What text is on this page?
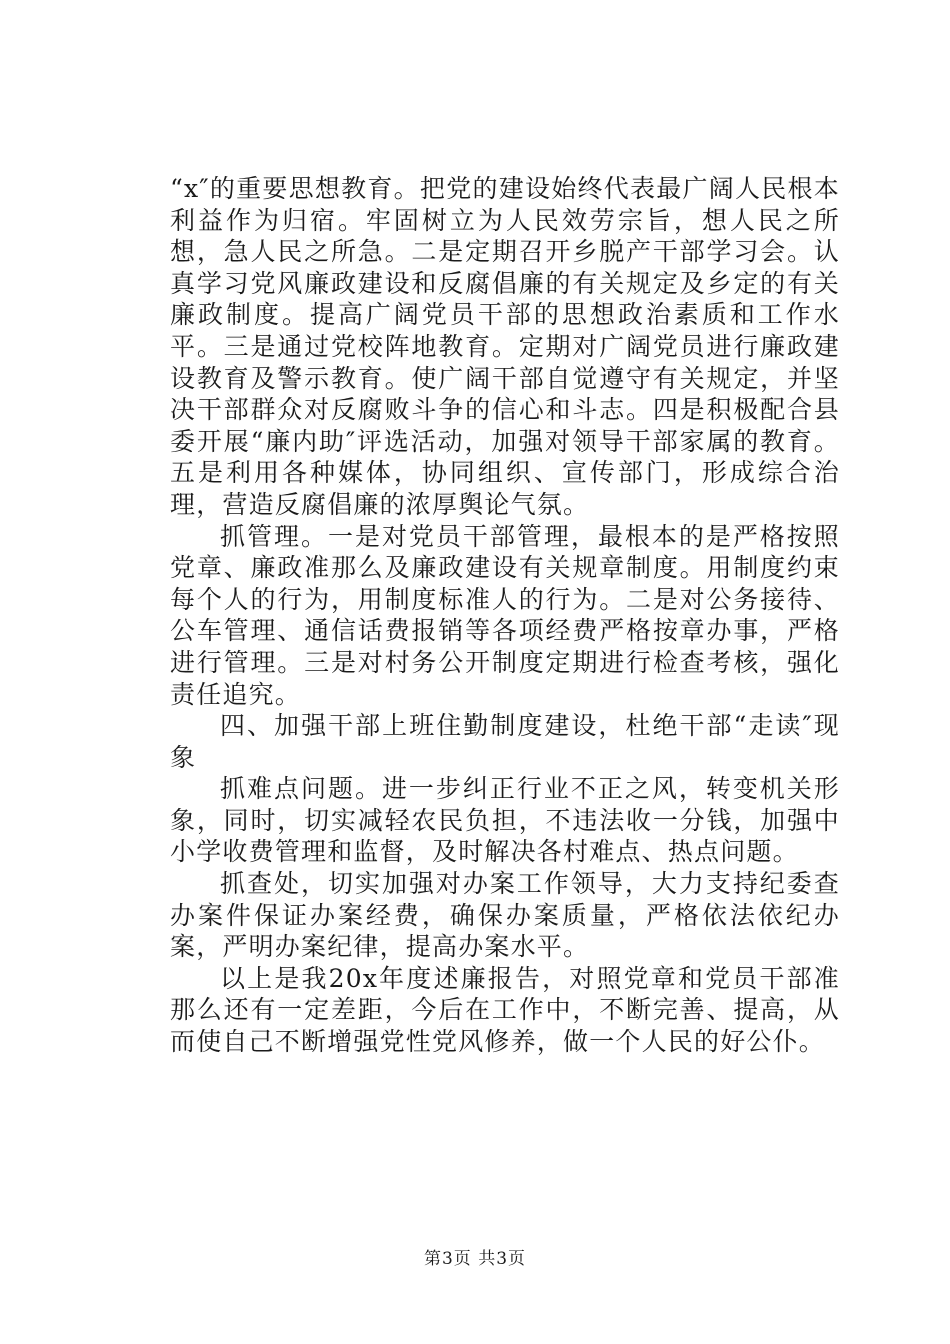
“x″的重要思想教育。把党的建设始终代表最广阔人民根本利益作为归宿。牢固树立为人民效劳宗旨，想人民之所想，急人民之所急。二是定期召开乡脱产干部学习会。认真学习党风廉政建设和反腐倡廉的有关规定及乡定的有关廉政制度。提高广阔党员干部的思想政治素质和工作水平。三是通过党校阵地教育。定期对广阔党员进行廉政建设教育及警示教育。使广阔干部自觉遵守有关规定，并坚决干部群众对反腐败斗争的信心和斗志。四是积极配合县委开展“廉内助″评选活动，加强对领导干部家属的教育。五是利用各种媒体，协同组织、宣传部门，形成综合治理，营造反腐倡廉的浓厚舆论气氛。

抓管理。一是对党员干部管理，最根本的是严格按照党章、廉政准那么及廉政建设有关规章制度。用制度约束每个人的行为，用制度标准人的行为。二是对公务接待、公车管理、通信话费报销等各项经费严格按章办事，严格进行管理。三是对村务公开制度定期进行检查考核，强化责任追究。

四、加强干部上班住勤制度建设，杜绝干部“走读″现象

抓难点问题。进一步纠正行业不正之风，转变机关形象，同时，切实减轻农民负担，不违法收一分钱，加强中小学收费管理和监督，及时解决各村难点、热点问题。

抓查处，切实加强对办案工作领导，大力支持纪委查办案件保证办案经费，确保办案质量，严格依法依纪办案，严明办案纪律，提高办案水平。

以上是我20x年度述廉报告，对照党章和党员干部准那么还有一定差距，今后在工作中，不断完善、提高，从而使自己不断增强党性党风修养，做一个人民的好公仆。

第3页 共3页
